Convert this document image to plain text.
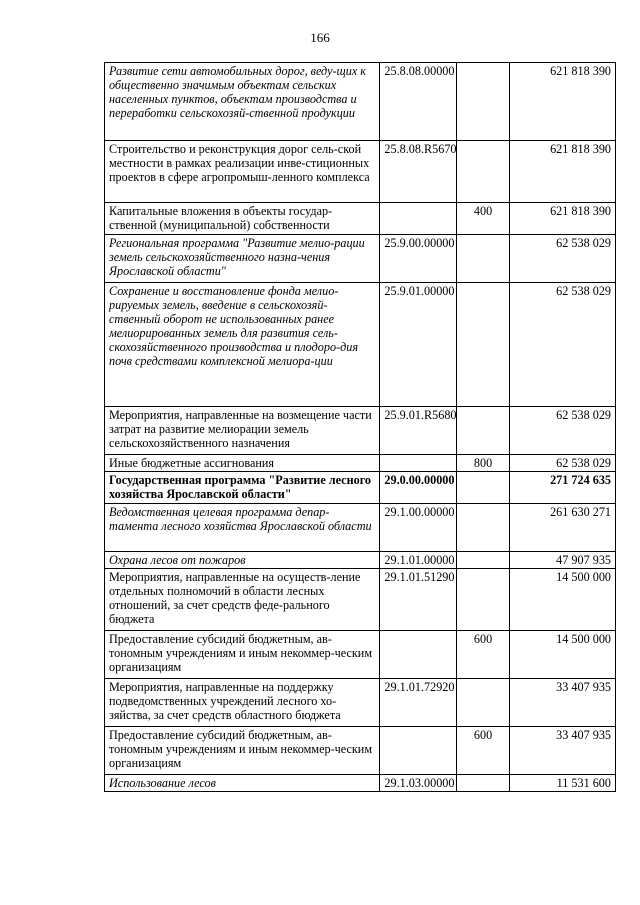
166
Развитие сети автомобильных дорог, веду-щих к общественно значимым объектам сельских населенных пунктов, объектам производства и переработки сельскохозяй-ственной продукции	25.8.08.00000		621 818 390
Строительство и реконструкция дорог сель-ской местности в рамках реализации инве-стиционных проектов в сфере агропромыш-ленного комплекса	25.8.08.R5670		621 818 390
Капитальные вложения в объекты государ-ственной (муниципальной) собственности		400	621 818 390
Региональная программа "Развитие мелио-рации земель сельскохозяйственного назна-чения Ярославской области"	25.9.00.00000		62 538 029
Сохранение и восстановление фонда мелио-рируемых земель, введение в сельскохозяй-ственный оборот не использованных ранее мелиорированных земель для развития сель-скохозяйственного производства и плодоро-дия почв средствами комплексной мелиора-ции	25.9.01.00000		62 538 029
Мероприятия, направленные на возмещение части затрат на развитие мелиорации земель сельскохозяйственного назначения	25.9.01.R5680		62 538 029
Иные бюджетные ассигнования		800	62 538 029
Государственная программа "Развитие лесного хозяйства Ярославской области"	29.0.00.00000		271 724 635
Ведомственная целевая программа депар-тамента лесного хозяйства Ярославской области	29.1.00.00000		261 630 271
Охрана лесов от пожаров	29.1.01.00000		47 907 935
Мероприятия, направленные на осуществ-ление отдельных полномочий в области лесных отношений, за счет средств феде-рального бюджета	29.1.01.51290		14 500 000
Предоставление субсидий бюджетным, ав-тономным учреждениям и иным некоммер-ческим организациям		600	14 500 000
Мероприятия, направленные на поддержку подведомственных учреждений лесного хо-зяйства, за счет средств областного бюджета	29.1.01.72920		33 407 935
Предоставление субсидий бюджетным, ав-тономным учреждениям и иным некоммер-ческим организациям		600	33 407 935
Использование лесов	29.1.03.00000		11 531 600
